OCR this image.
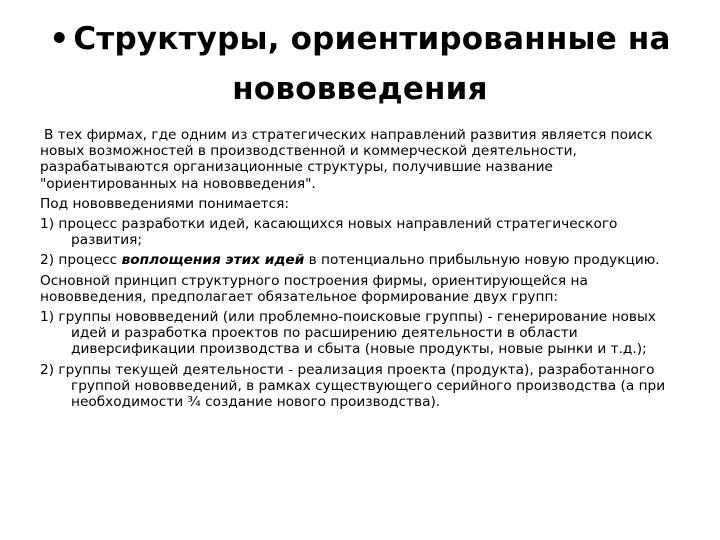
• Структуры, ориентированные на
нововведения

В тех фирмах, где одним из стратегических направлений развития является поиск новых возможностей в производственной и коммерческой деятельности, разрабатываются организационные структуры, получившие название "ориентированных на нововведения".

Под нововведениями понимается:

1) процесс разработки идей, касающихся новых направлений стратегического развития;

2) процесс воплощения этих идей в потенциально прибыльную новую продукцию.

Основной принцип структурного построения фирмы, ориентирующейся на нововведения, предполагает обязательное формирование двух групп:

1) группы нововведений (или проблемно-поисковые группы) - генерирование новых идей и разработка проектов по расширению деятельности в области диверсификации производства и сбыта (новые продукты, новые рынки и т.д.);

2) группы текущей деятельности - реализация проекта (продукта), разработанного группой нововведений, в рамках существующего серийного производства (а при необходимости ¾ создание нового производства).
